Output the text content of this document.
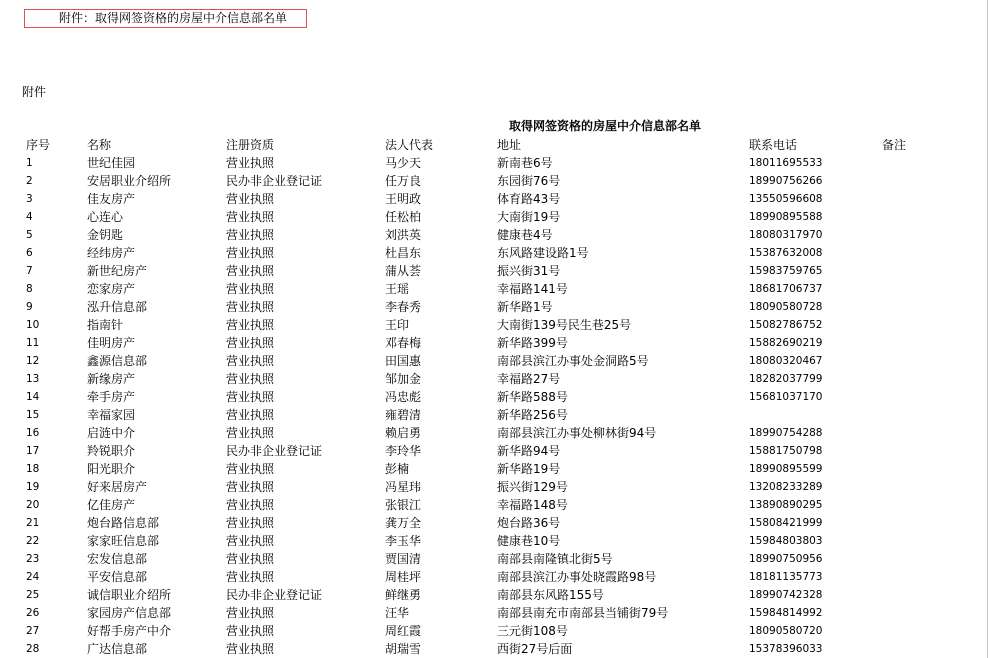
附件：取得网签资格的房屋中介信息部名单
附件
取得网签资格的房屋中介信息部名单
序号	名称	注册资质	法人代表	地址	联系电话	备注
1	世纪佳园	营业执照	马少天	新南巷6号	18011695533
2	安居职业介绍所	民办非企业登记证	任万良	东园街76号	18990756266
3	佳友房产	营业执照	王明政	体育路43号	13550596608
4	心连心	营业执照	任松柏	大南街19号	18990895588
5	金钥匙	营业执照	刘洪英	健康巷4号	18080317970
6	经纬房产	营业执照	杜昌东	东风路建设路1号	15387632008
7	新世纪房产	营业执照	蒲从荟	振兴街31号	15983759765
8	恋家房产	营业执照	王瑶	幸福路141号	18681706737
9	泓升信息部	营业执照	李春秀	新华路1号	18090580728
10	指南针	营业执照	王印	大南街139号民生巷25号	15082786752
11	佳明房产	营业执照	邓春梅	新华路399号	15882690219
12	鑫源信息部	营业执照	田国惠	南部县滨江办事处金洞路5号	18080320467
13	新缘房产	营业执照	邹加金	幸福路27号	18282037799
14	牵手房产	营业执照	冯忠彪	新华路588号	15681037170
15	幸福家园	营业执照	雍碧清	新华路256号
16	启涟中介	营业执照	赖启勇	南部县滨江办事处柳林街94号	18990754288
17	羚锐职介	民办非企业登记证	李玲华	新华路94号	15881750798
18	阳光职介	营业执照	彭楠	新华路19号	18990895599
19	好来居房产	营业执照	冯星玮	振兴街129号	13208233289
20	亿佳房产	营业执照	张银江	幸福路148号	13890890295
21	炮台路信息部	营业执照	龚万全	炮台路36号	15808421999
22	家家旺信息部	营业执照	李玉华	健康巷10号	15984803803
23	宏发信息部	营业执照	贾国清	南部县南隆镇北街5号	18990750956
24	平安信息部	营业执照	周桂坪	南部县滨江办事处晓霞路98号	18181135773
25	诚信职业介绍所	民办非企业登记证	鲜继勇	南部县东风路155号	18990742328
26	家园房产信息部	营业执照	汪华	南部县南充市南部县当铺街79号	15984814992
27	好帮手房产中介	营业执照	周红霞	三元街108号	18090580720
28	广达信息部	营业执照	胡瑞雪	西街27号后面	15378396033
